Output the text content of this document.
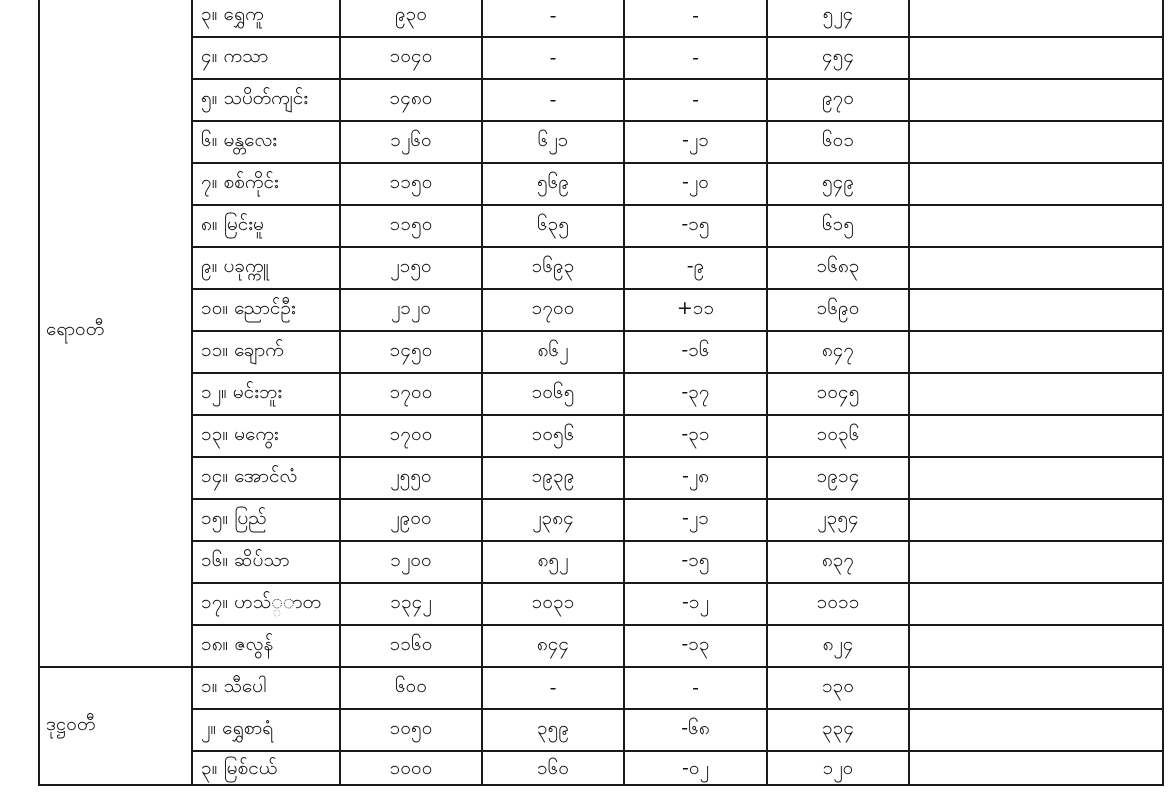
ရောဝတီ	၃။ ရွှေကူ	၉၃၀	-	-	၅၂၄	
	၄။ ကသာ	၁၀၄၀	-	-	၄၅၄	
	၅။ သပိတ်ကျင်း	၁၄၈၀	-	-	၉၇၀	
	၆။ မန္တလေး	၁၂၆၀	၆၂၁	-၂၁	၆၀၁	
	၇။ စစ်ကိုင်း	၁၁၅၀	၅၆၉	-၂၀	၅၄၉	
	၈။ မြင်းမူ	၁၁၅၀	၆၃၅	-၁၅	၆၁၅	
	၉။ ပခုက္ကူ	၂၁၅၀	၁၆၉၃	-၉	၁၆၈၃	
	၁၀။ ညောင်ဦး	၂၁၂၀	၁၇၀၀	+၁၁	၁၆၉၀	
	၁၁။ ချောက်	၁၄၅၀	၈၆၂	-၁၆	၈၄၇	
	၁၂။ မင်းဘူး	၁၇၀၀	၁၀၆၅	-၃၇	၁၀၄၅	
	၁၃။ မကွေး	၁၇၀၀	၁၀၅၆	-၃၁	၁၀၃၆	
	၁၄။ အောင်လံ	၂၅၅၀	၁၉၃၉	-၂၈	၁၉၁၄	
	၁၅။ ပြည်	၂၉၀၀	၂၃၈၄	-၂၁	၂၃၅၄	
	၁၆။ ဆိပ်သာ	၁၂၀၀	၈၅၂	-၁၅	၈၃၇	
	၁၇။ ဟသ်္ာတ	၁၃၄၂	၁၀၃၁	-၁၂	၁၀၁၁	
	၁၈။ ဇလွန်	၁၁၆၀	၈၄၄	-၁၃	၈၂၄	
ဒုဋ္ဌဝတီ	၁။ သီပေါ	၆၀၀	-	-	၁၃၀	
	၂။ ရွှေစာရံ	၁၀၅၀	၃၅၉	-၆၈	၃၃၄	
	၃။ မြစ်ငယ်	၁၀၀၀	၁၆၀	-၀၂	၁၂၀	
